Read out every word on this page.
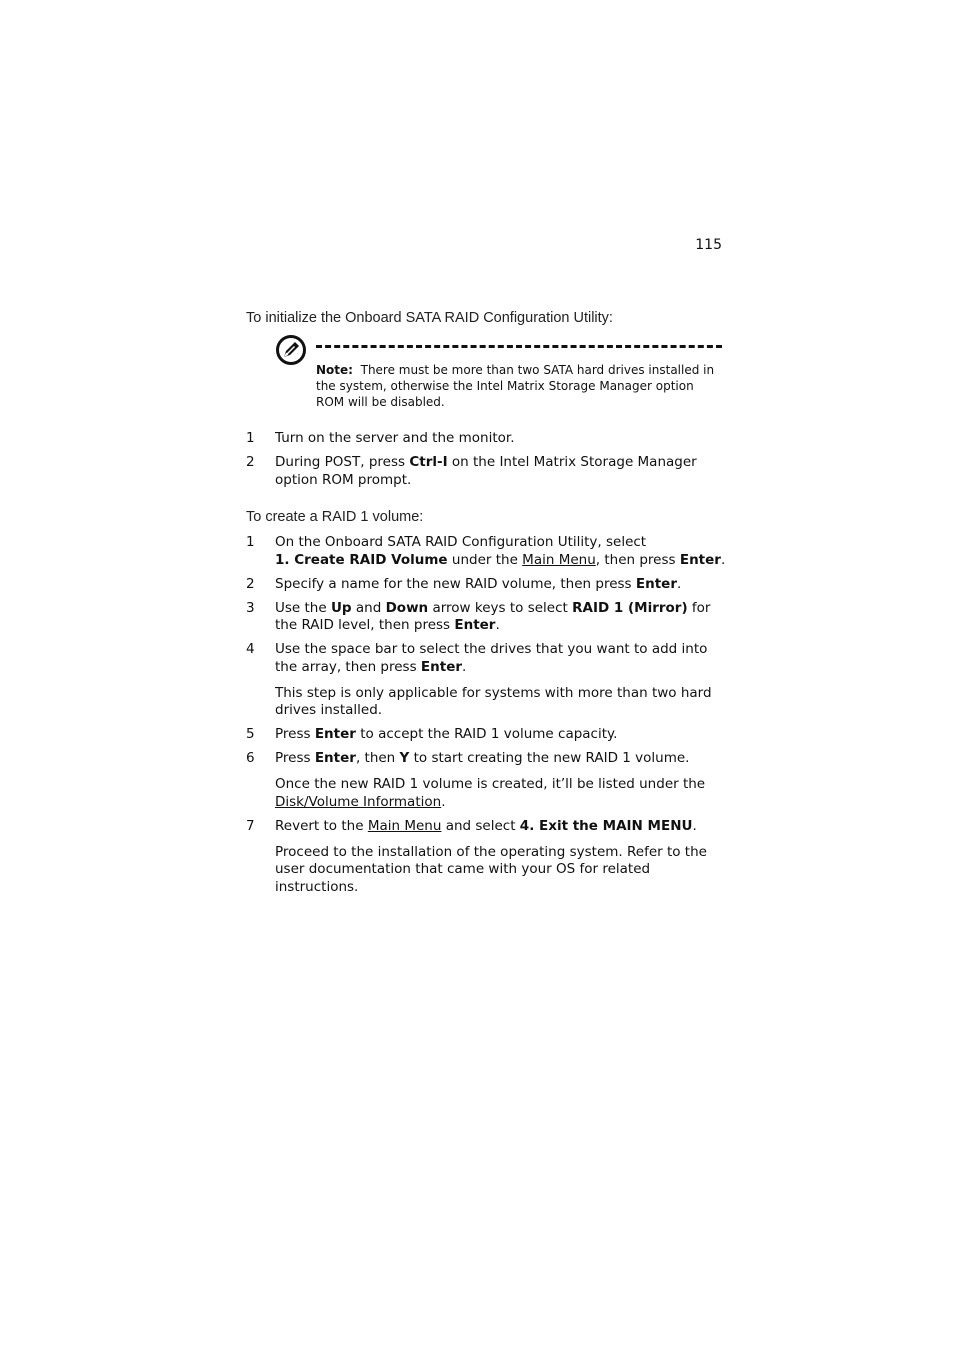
115
To initialize the Onboard SATA RAID Configuration Utility:
Note: There must be more than two SATA hard drives installed in the system, otherwise the Intel Matrix Storage Manager option ROM will be disabled.
1 Turn on the server and the monitor.
2 During POST, press Ctrl-I on the Intel Matrix Storage Manager option ROM prompt.
To create a RAID 1 volume:
1 On the Onboard SATA RAID Configuration Utility, select
1. Create RAID Volume under the Main Menu, then press Enter.
2 Specify a name for the new RAID volume, then press Enter.
3 Use the Up and Down arrow keys to select RAID 1 (Mirror) for the RAID level, then press Enter.
4 Use the space bar to select the drives that you want to add into the array, then press Enter.
This step is only applicable for systems with more than two hard drives installed.
5 Press Enter to accept the RAID 1 volume capacity.
6 Press Enter, then Y to start creating the new RAID 1 volume.
Once the new RAID 1 volume is created, it’ll be listed under the Disk/Volume Information.
7 Revert to the Main Menu and select 4. Exit the MAIN MENU.
Proceed to the installation of the operating system. Refer to the user documentation that came with your OS for related instructions.
